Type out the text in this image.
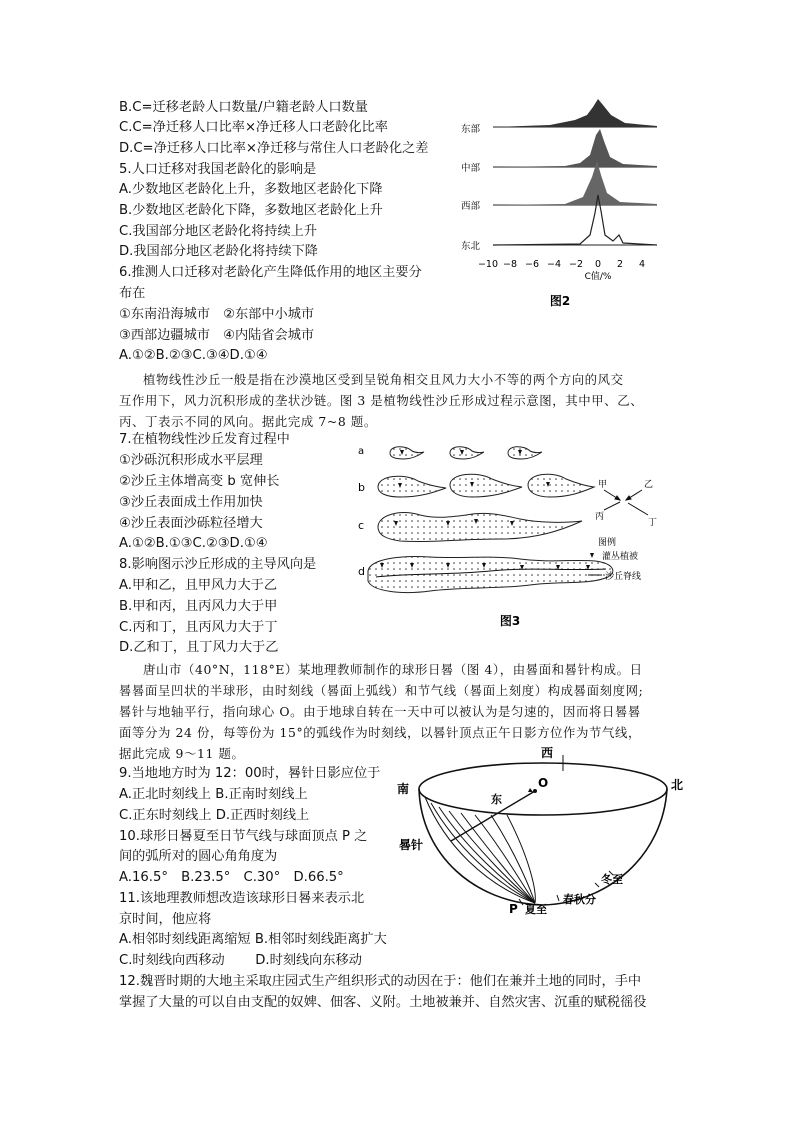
B.C=迁移老龄人口数量/户籍老龄人口数量
C.C=净迁移人口比率×净迁移人口老龄化比率
D.C=净迁移人口比率×净迁移与常住人口老龄化之差
5.人口迁移对我国老龄化的影响是
A.少数地区老龄化上升，多数地区老龄化下降
B.少数地区老龄化下降，多数地区老龄化上升
C.我国部分地区老龄化将持续上升
D.我国部分地区老龄化将持续下降
6.推测人口迁移对老龄化产生降低作用的地区主要分
布在
①东南沿海城市　②东部中小城市
③西部边疆城市　④内陆省会城市
A.①②B.②③C.③④D.①④
东部
中部
西部
东北
−10 −8 −6 −4 −2 0 2 4
C值/%
图2

植物线性沙丘一般是指在沙漠地区受到呈锐角相交且风力大小不等的两个方向的风交

互作用下，风力沉积形成的垄状沙链。图 3 是植物线性沙丘形成过程示意图，其中甲、乙、

丙、丁表示不同的风向。据此完成 7~8 题。

7.在植物线性沙丘发育过程中
①沙砾沉积形成水平层理
②沙丘主体增高变 b 宽伸长
③沙丘表面成土作用加快
④沙丘表面沙砾粒径增大
A.①②B.①③C.②③D.①④
8.影响图示沙丘形成的主导风向是
A.甲和乙，且甲风力大于乙
B.甲和丙，且丙风力大于甲
C.丙和丁，且丙风力大于丁
D.乙和丁，且丁风力大于乙
a
b
c
d
甲	乙
丙
丁
图例
灌丛植被
沙丘脊线
图3

唐山市（40°N，118°E）某地理教师制作的球形日晷（图 4），由晷面和晷针构成。日

晷晷面呈凹状的半球形，由时刻线（晷面上弧线）和节气线（晷面上刻度）构成晷面刻度网;

晷针与地轴平行，指向球心 O。由于地球自转在一天中可以被认为是匀速的，因而将日晷晷

面等分为 24 份，每等份为 15°的弧线作为时刻线，以晷针顶点正午日影方位作为节气线，

据此完成 9～11 题。

9.当地地方时为 12：00时，晷针日影应位于
A.正北时刻线上 B.正南时刻线上
C.正东时刻线上 D.正西时刻线上
10.球形日晷夏至日节气线与球面顶点 P 之
间的弧所对的圆心角角度为
A.16.5°　B.23.5°　C.30°　D.66.5°
11.该地理教师想改造该球形日晷来表示北
京时间，他应将
A.相邻时刻线距离缩短 B.相邻时刻线距离扩大
C.时刻线向西移动　　 D.时刻线向东移动
西
南	北
东
O
晷针
P 夏至
春秋分
冬至
12.魏晋时期的大地主采取庄园式生产组织形式的动因在于：他们在兼并土地的同时，手中
掌握了大量的可以自由支配的奴婢、佃客、义附。土地被兼并、自然灾害、沉重的赋税徭役
